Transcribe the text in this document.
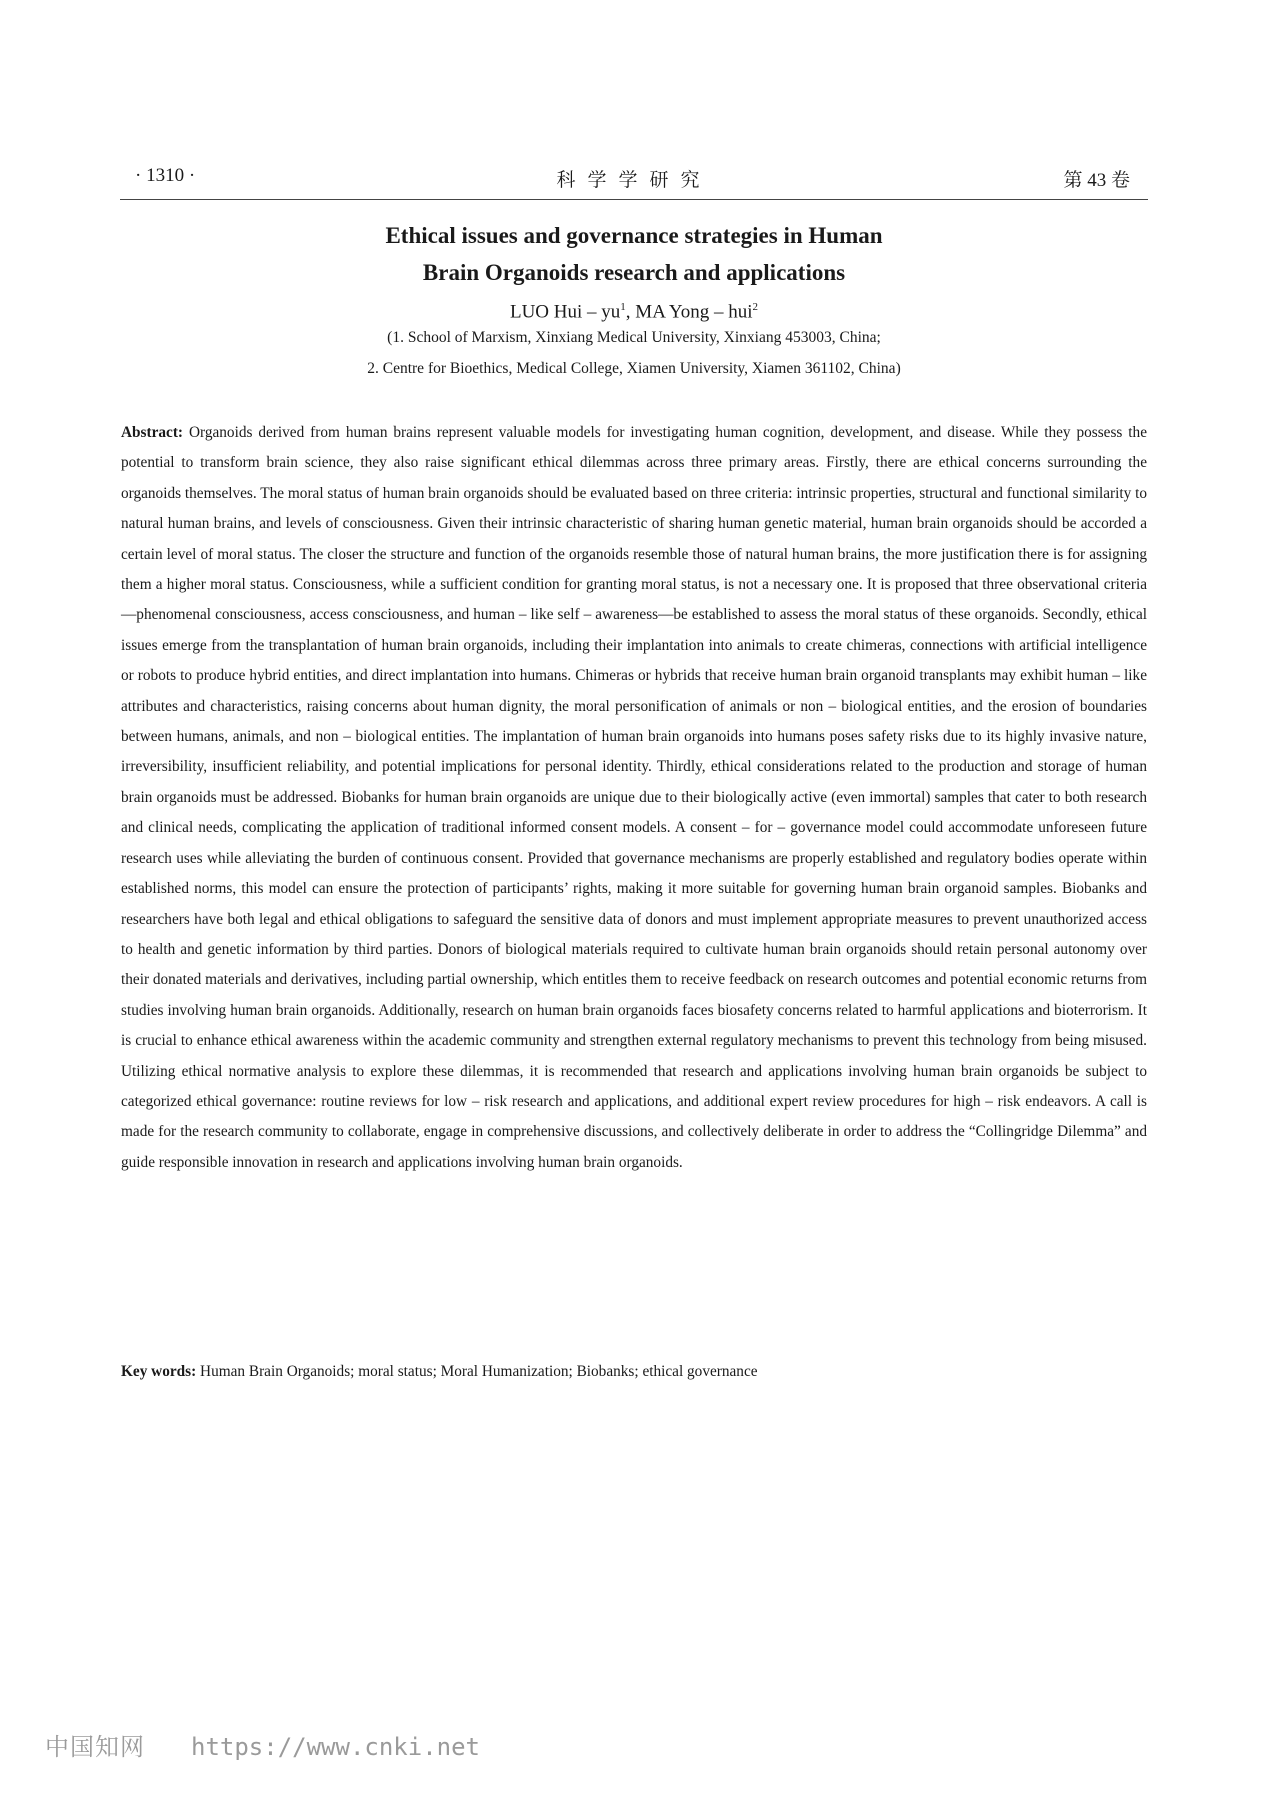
· 1310 ·	科学学研究	第 43 卷
Ethical issues and governance strategies in Human
Brain Organoids research and applications
LUO Hui – $yu^1$, MA Yong – hui$^2$
(1. School of Marxism, Xinxiang Medical University, Xinxiang 453003, China;
2. Centre for Bioethics, Medical College, Xiamen University, Xiamen 361102, China)
Abstract: Organoids derived from human brains represent valuable models for investigating human cognition, development, and disease. While they possess the potential to transform brain science, they also raise significant ethical dilemmas across three primary areas. Firstly, there are ethical concerns surrounding the organoids themselves. The moral status of human brain organoids should be evaluated based on three criteria: intrinsic properties, structural and functional similarity to natural human brains, and levels of consciousness. Given their intrinsic characteristic of sharing human genetic material, human brain organoids should be accorded a certain level of moral status. The closer the structure and function of the organoids resemble those of natural human brains, the more justification there is for assigning them a higher moral status. Consciousness, while a sufficient condition for granting moral status, is not a necessary one. It is proposed that three observational criteria—phenomenal consciousness, access consciousness, and human – like self – awareness—be established to assess the moral status of these organoids. Secondly, ethical issues emerge from the transplantation of human brain organoids, including their implantation into animals to create chimeras, connections with artificial intelligence or robots to produce hybrid entities, and direct implantation into humans. Chimeras or hybrids that receive human brain organoid transplants may exhibit human – like attributes and characteristics, raising concerns about human dignity, the moral personification of animals or non – biological entities, and the erosion of boundaries between humans, animals, and non – biological entities. The implantation of human brain organoids into humans poses safety risks due to its highly invasive nature, irreversibility, insufficient reliability, and potential implications for personal identity. Thirdly, ethical considerations related to the production and storage of human brain organoids must be addressed. Biobanks for human brain organoids are unique due to their biologically active (even immortal) samples that cater to both research and clinical needs, complicating the application of traditional informed consent models. A consent – for – governance model could accommodate unforeseen future research uses while alleviating the burden of continuous consent. Provided that governance mechanisms are properly established and regulatory bodies operate within established norms, this model can ensure the protection of participants’ rights, making it more suitable for governing human brain organoid samples. Biobanks and researchers have both legal and ethical obligations to safeguard the sensitive data of donors and must implement appropriate measures to prevent unauthorized access to health and genetic information by third parties. Donors of biological materials required to cultivate human brain organoids should retain personal autonomy over their donated materials and derivatives, including partial ownership, which entitles them to receive feedback on research outcomes and potential economic returns from studies involving human brain organoids. Additionally, research on human brain organoids faces biosafety concerns related to harmful applications and bioterrorism. It is crucial to enhance ethical awareness within the academic community and strengthen external regulatory mechanisms to prevent this technology from being misused. Utilizing ethical normative analysis to explore these dilemmas, it is recommended that research and applications involving human brain organoids be subject to categorized ethical governance: routine reviews for low – risk research and applications, and additional expert review procedures for high – risk endeavors. A call is made for the research community to collaborate, engage in comprehensive discussions, and collectively deliberate in order to address the “Collingridge Dilemma” and guide responsible innovation in research and applications involving human brain organoids.
Key words: Human Brain Organoids; moral status; Moral Humanization; Biobanks; ethical governance
中国知网 https://www.cnki.net
